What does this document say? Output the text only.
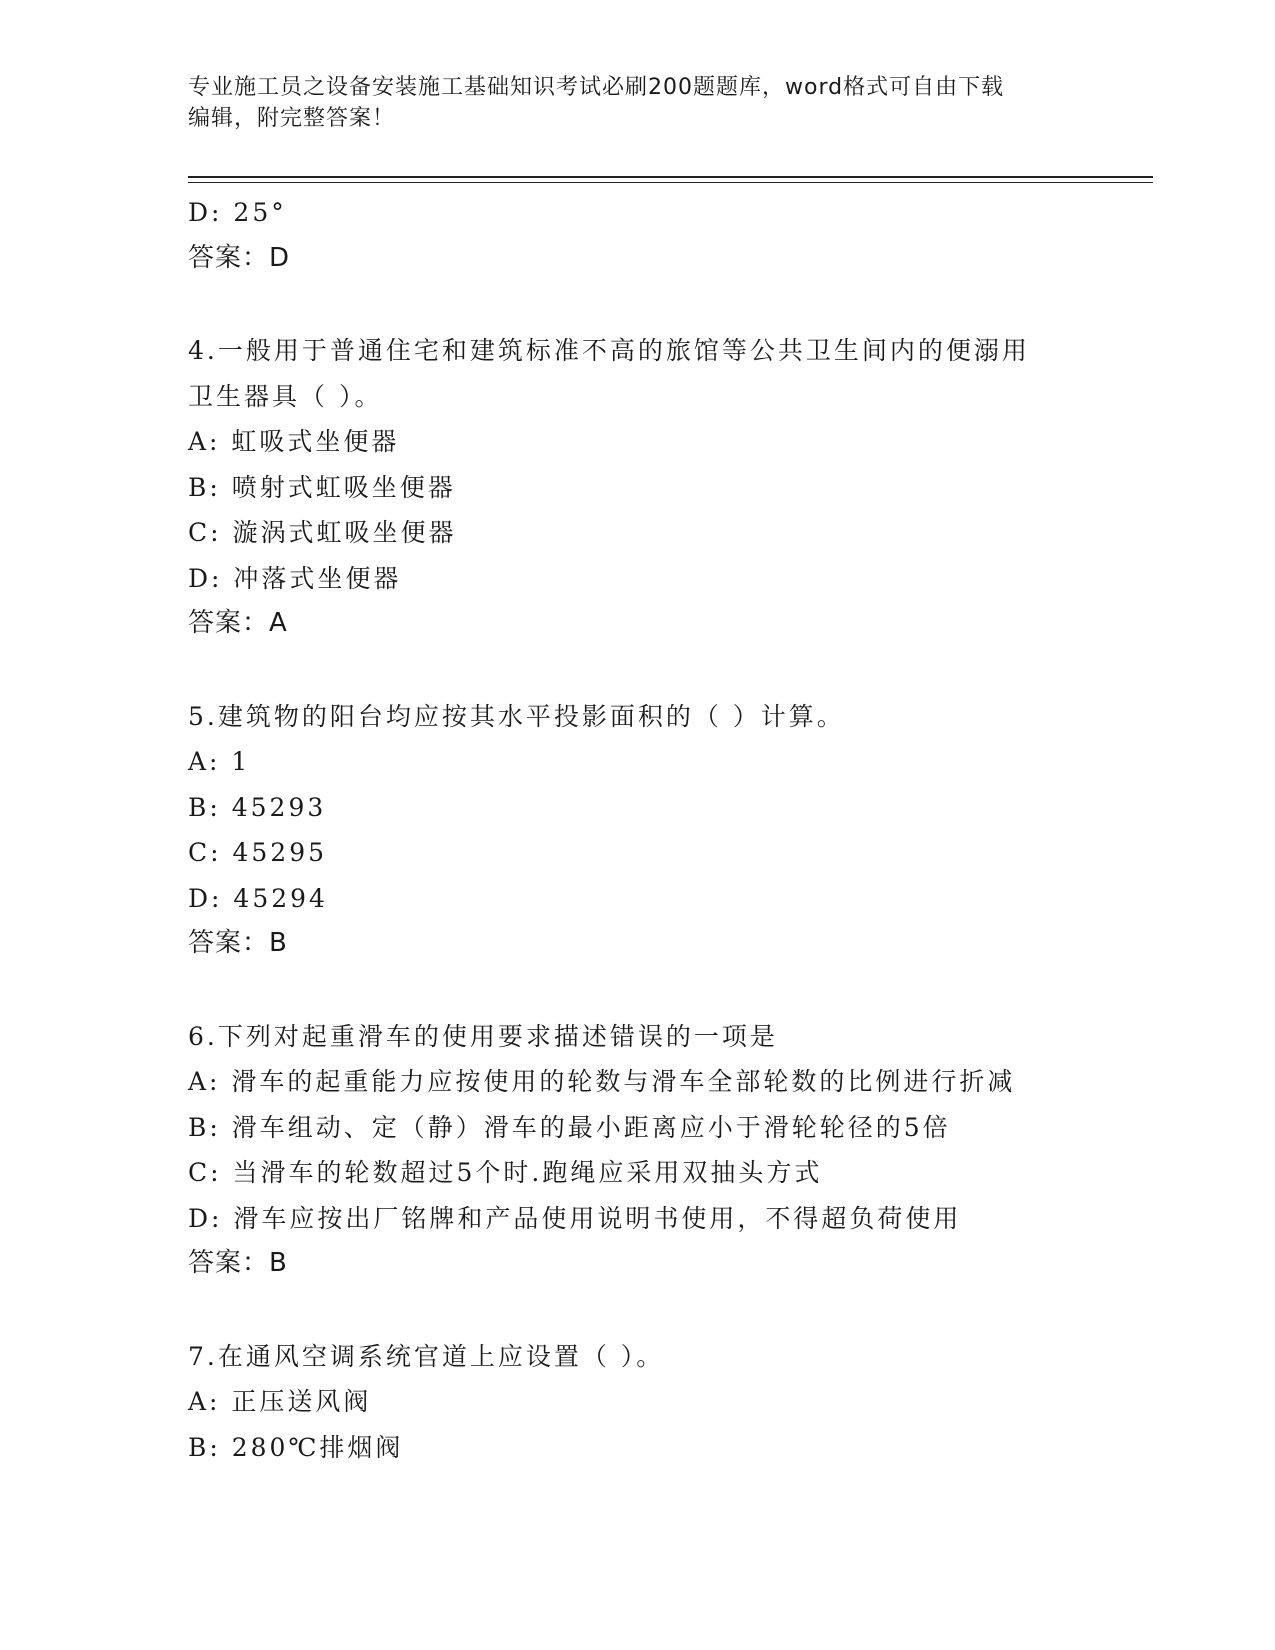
专业施工员之设备安装施工基础知识考试必刷200题题库，word格式可自由下载
编辑，附完整答案！
D: 25°
答案：D
4.一般用于普通住宅和建筑标准不高的旅馆等公共卫生间内的便溺用
卫生器具（ ）。
A: 虹吸式坐便器
B: 喷射式虹吸坐便器
C: 漩涡式虹吸坐便器
D: 冲落式坐便器
答案：A
5.建筑物的阳台均应按其水平投影面积的（ ）计算。
A: 1
B: 45293
C: 45295
D: 45294
答案：B
6.下列对起重滑车的使用要求描述错误的一项是
A: 滑车的起重能力应按使用的轮数与滑车全部轮数的比例进行折减
B: 滑车组动、定（静）滑车的最小距离应小于滑轮轮径的5倍
C: 当滑车的轮数超过5个时.跑绳应采用双抽头方式
D: 滑车应按出厂铭牌和产品使用说明书使用，不得超负荷使用
答案：B
7.在通风空调系统官道上应设置（ ）。
A: 正压送风阀
B: 280℃排烟阀
